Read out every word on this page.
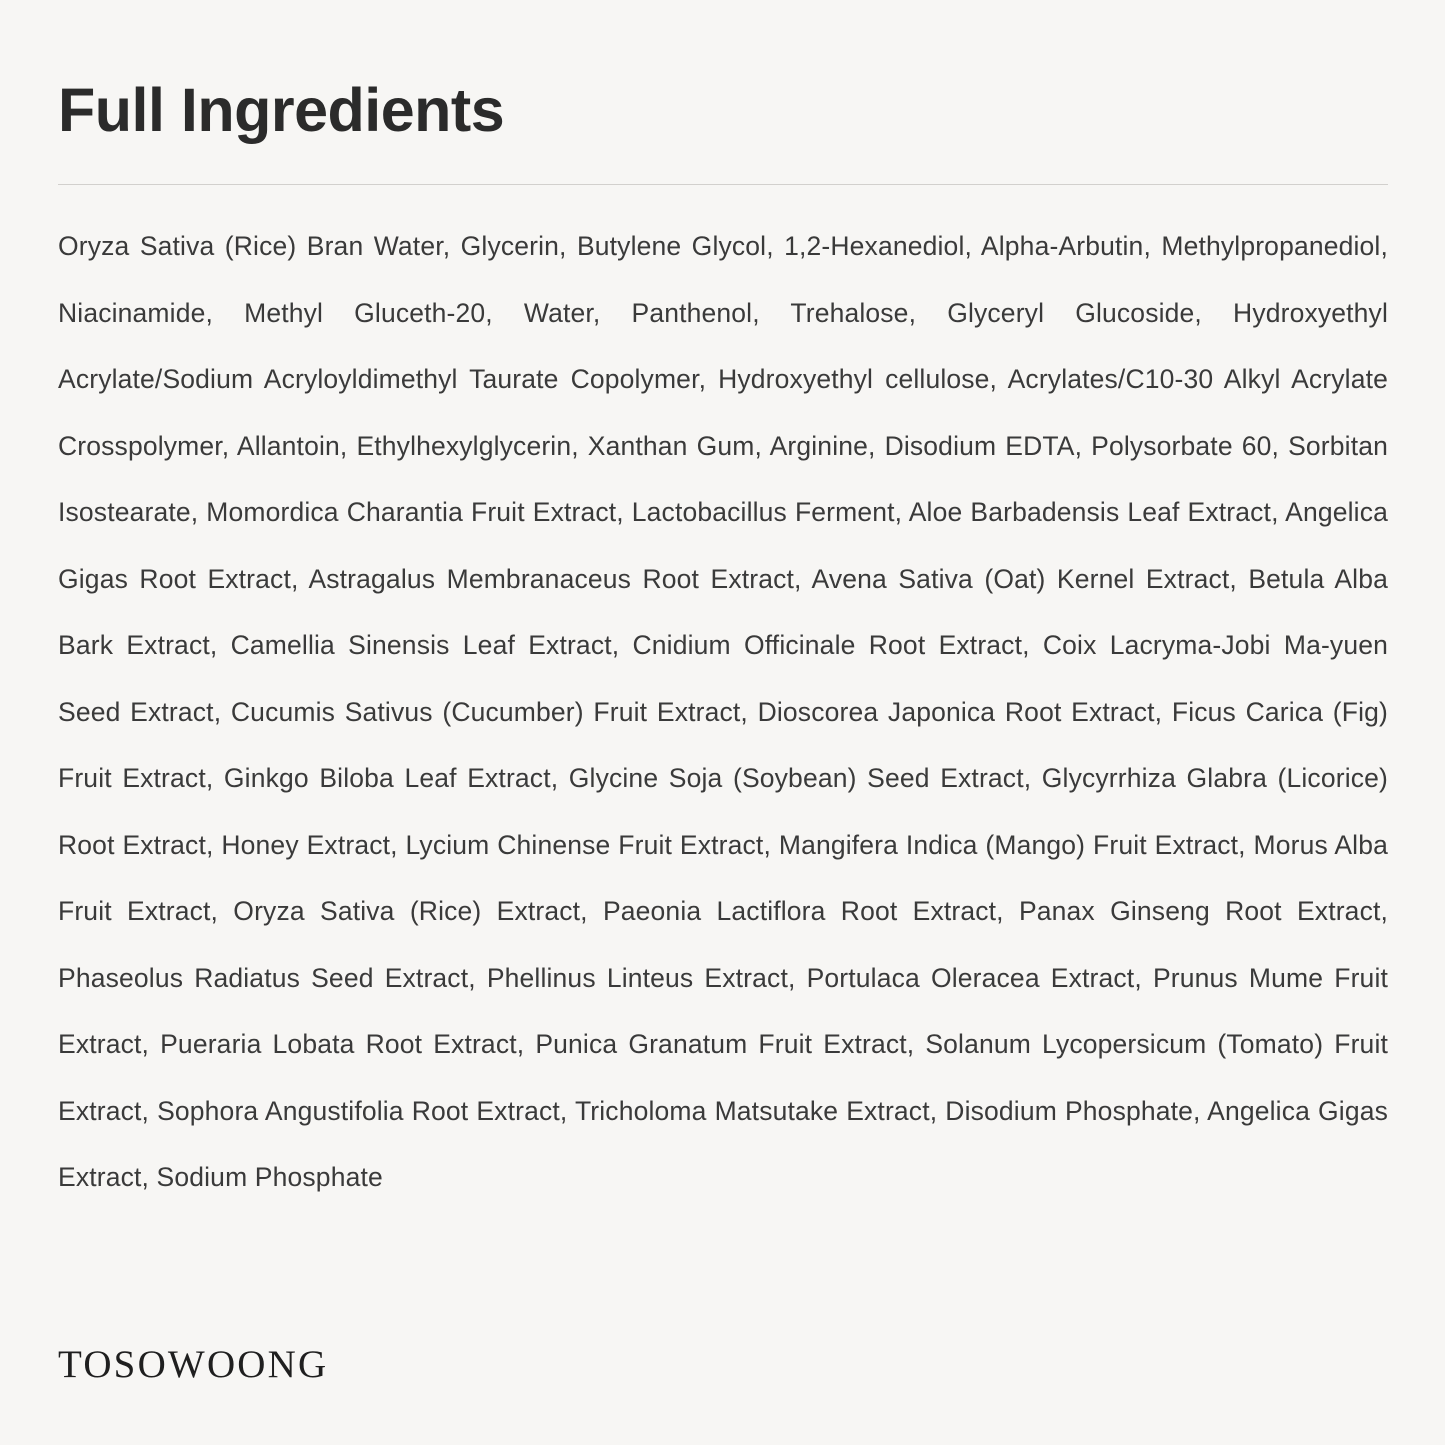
Full Ingredients

Oryza Sativa (Rice) Bran Water, Glycerin, Butylene Glycol, 1,2-Hexanediol, Alpha-Arbutin, Methylpropanediol, Niacinamide, Methyl Gluceth-20, Water, Panthenol, Trehalose, Glyceryl Glucoside, Hydroxyethyl Acrylate/Sodium Acryloyldimethyl Taurate Copolymer, Hydroxyethyl cellulose, Acrylates/C10-30 Alkyl Acrylate Crosspolymer, Allantoin, Ethylhexylglycerin, Xanthan Gum, Arginine, Disodium EDTA, Polysorbate 60, Sorbitan Isostearate, Momordica Charantia Fruit Extract, Lactobacillus Ferment, Aloe Barbadensis Leaf Extract, Angelica Gigas Root Extract, Astragalus Membranaceus Root Extract, Avena Sativa (Oat) Kernel Extract, Betula Alba Bark Extract, Camellia Sinensis Leaf Extract, Cnidium Officinale Root Extract, Coix Lacryma-Jobi Ma-yuen Seed Extract, Cucumis Sativus (Cucumber) Fruit Extract, Dioscorea Japonica Root Extract, Ficus Carica (Fig) Fruit Extract, Ginkgo Biloba Leaf Extract, Glycine Soja (Soybean) Seed Extract, Glycyrrhiza Glabra (Licorice) Root Extract, Honey Extract, Lycium Chinense Fruit Extract, Mangifera Indica (Mango) Fruit Extract, Morus Alba Fruit Extract, Oryza Sativa (Rice) Extract, Paeonia Lactiflora Root Extract, Panax Ginseng Root Extract, Phaseolus Radiatus Seed Extract, Phellinus Linteus Extract, Portulaca Oleracea Extract, Prunus Mume Fruit Extract, Pueraria Lobata Root Extract, Punica Granatum Fruit Extract, Solanum Lycopersicum (Tomato) Fruit Extract, Sophora Angustifolia Root Extract, Tricholoma Matsutake Extract, Disodium Phosphate, Angelica Gigas Extract, Sodium Phosphate

TOSOWOONG
